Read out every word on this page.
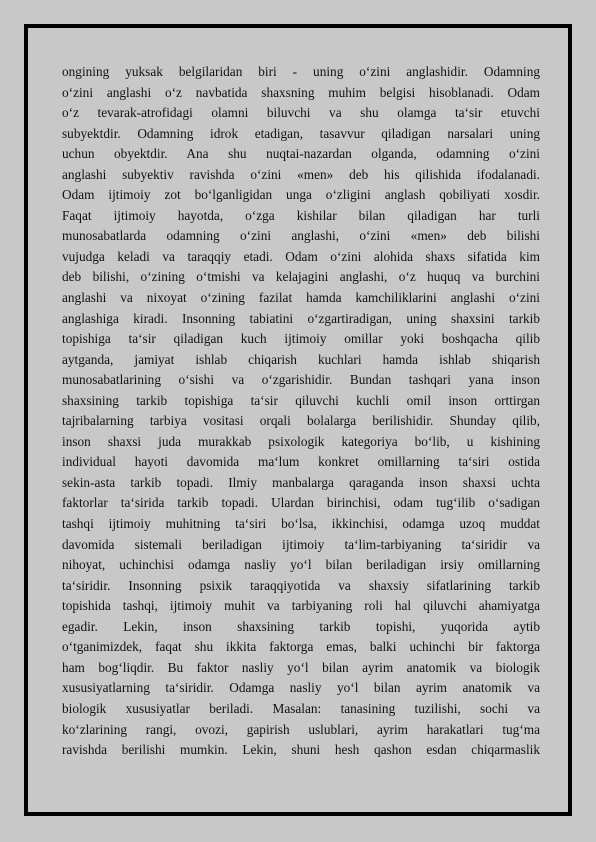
ongining yuksak belgilaridan biri - uning o‘zini anglashidir. Odamning
o‘zini anglashi o‘z navbatida shaxsning muhim belgisi hisoblanadi. Odam
o‘z tevarak-atrofidagi olamni biluvchi va shu olamga ta‘sir etuvchi
subyektdir. Odamning idrok etadigan, tasavvur qiladigan narsalari uning
uchun obyektdir. Ana shu nuqtai-nazardan olganda, odamning o‘zini
anglashi subyektiv ravishda o‘zini «men» deb his qilishida ifodalanadi.
Odam ijtimoiy zot bo‘lganligidan unga o‘zligini anglash qobiliyati xosdir.
Faqat ijtimoiy hayotda, o‘zga kishilar bilan qiladigan har turli
munosabatlarda odamning o‘zini anglashi, o‘zini «men» deb bilishi
vujudga keladi va taraqqiy etadi. Odam o‘zini alohida shaxs sifatida kim
deb bilishi, o‘zining o‘tmishi va kelajagini anglashi, o‘z huquq va burchini
anglashi va nixoyat o‘zining fazilat hamda kamchiliklarini anglashi o‘zini
anglashiga kiradi. Insonning tabiatini o‘zgartiradigan, uning shaxsini tarkib
topishiga ta‘sir qiladigan kuch ijtimoiy omillar yoki boshqacha qilib
aytganda, jamiyat ishlab chiqarish kuchlari hamda ishlab shiqarish
munosabatlarining o‘sishi va o‘zgarishidir. Bundan tashqari yana inson
shaxsining tarkib topishiga ta‘sir qiluvchi kuchli omil inson orttirgan
tajribalarning tarbiya vositasi orqali bolalarga berilishidir. Shunday qilib,
inson shaxsi juda murakkab psixologik kategoriya bo‘lib, u kishining
individual hayoti davomida ma‘lum konkret omillarning ta‘siri ostida
sekin-asta tarkib topadi. Ilmiy manbalarga qaraganda inson shaxsi uchta
faktorlar ta‘sirida tarkib topadi. Ulardan birinchisi, odam tug‘ilib o‘sadigan
tashqi ijtimoiy muhitning ta‘siri bo‘lsa, ikkinchisi, odamga uzoq muddat
davomida sistemali beriladigan ijtimoiy ta‘lim-tarbiyaning ta‘siridir va
nihoyat, uchinchisi odamga nasliy yo‘l bilan beriladigan irsiy omillarning
ta‘siridir. Insonning psixik taraqqiyotida va shaxsiy sifatlarining tarkib
topishida tashqi, ijtimoiy muhit va tarbiyaning roli hal qiluvchi ahamiyatga
egadir. Lekin, inson shaxsining tarkib topishi, yuqorida aytib
o‘tganimizdek, faqat shu ikkita faktorga emas, balki uchinchi bir faktorga
ham bog‘liqdir. Bu faktor nasliy yo‘l bilan ayrim anatomik va biologik
xususiyatlarning ta‘siridir. Odamga nasliy yo‘l bilan ayrim anatomik va
biologik xususiyatlar beriladi. Masalan: tanasining tuzilishi, sochi va
ko‘zlarining rangi, ovozi, gapirish uslublari, ayrim harakatlari tug‘ma
ravishda berilishi mumkin. Lekin, shuni hesh qashon esdan chiqarmaslik
